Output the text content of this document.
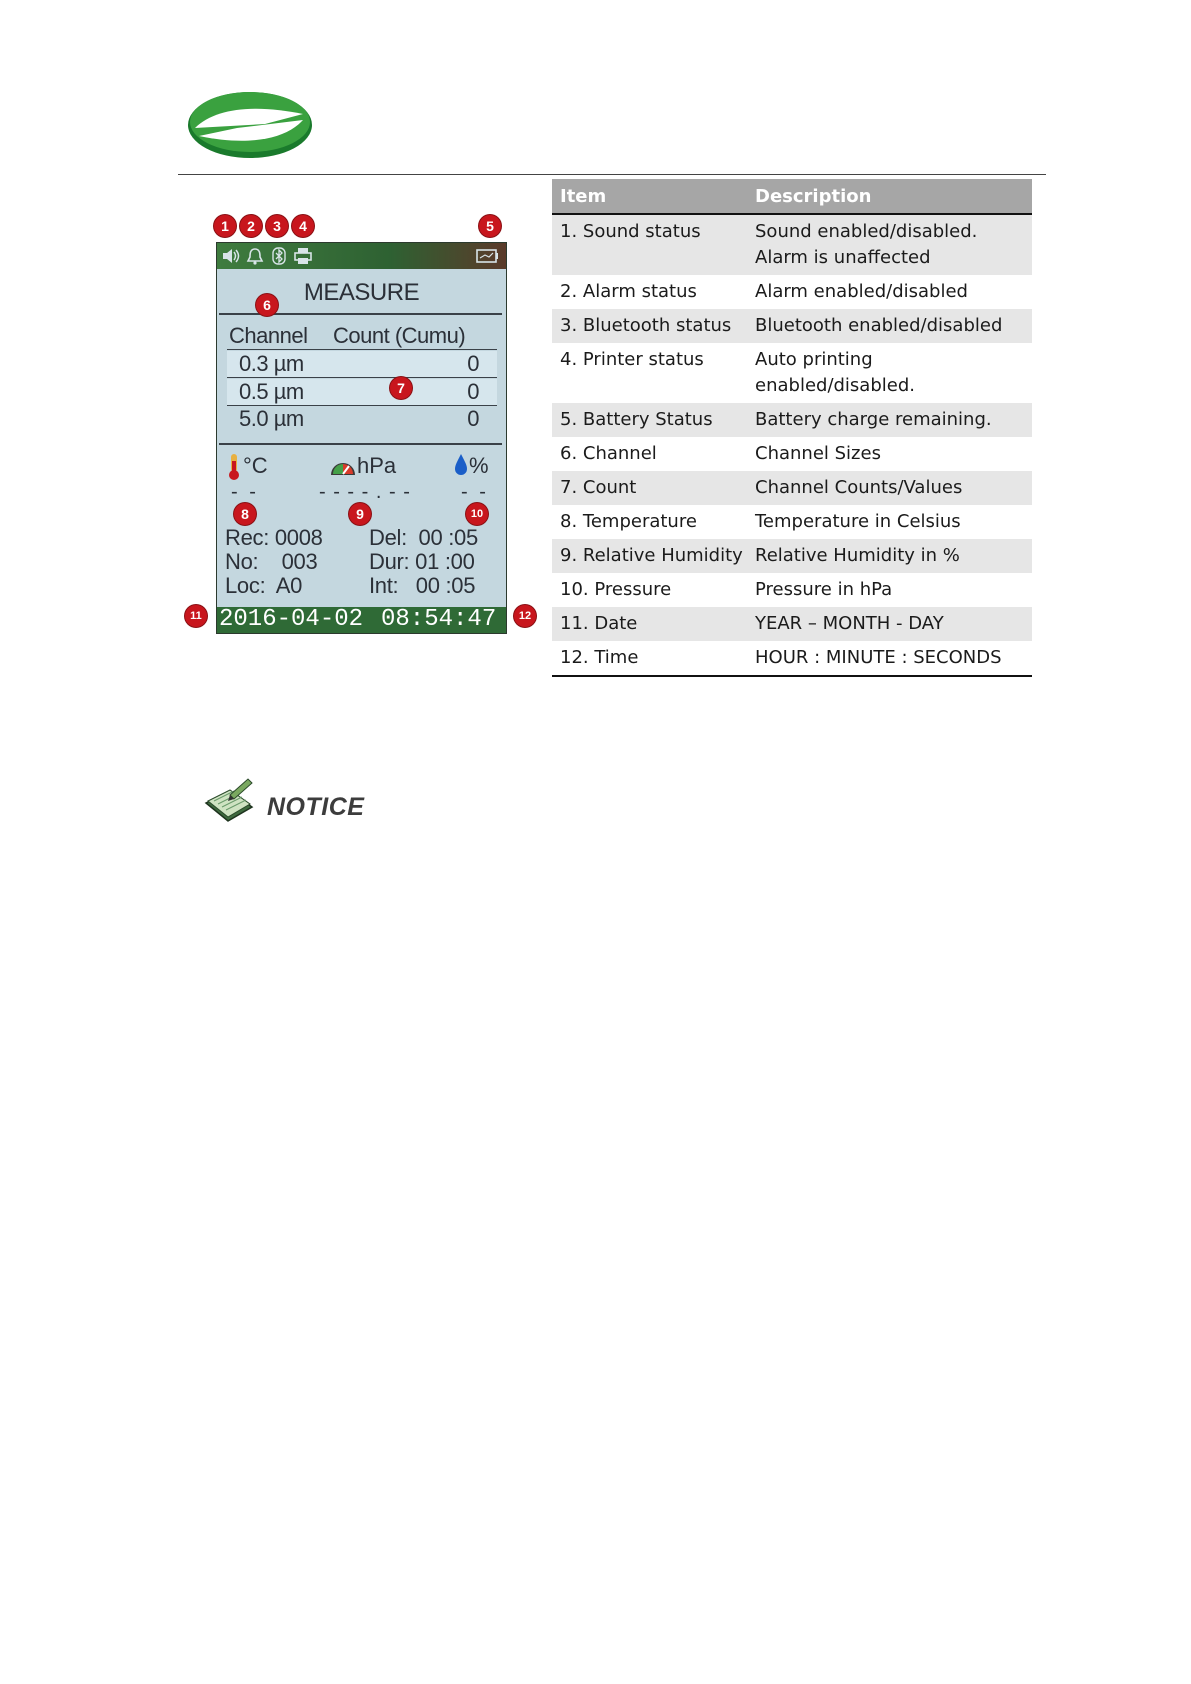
MEASURE
Channel Count (Cumu)
0.3 µm	0
0.5 µm	0
5.0 µm	0
°C	hPa	%
- -	- - - - . - -	- -
Rec: 0008
No:    003
Loc:  A0
Del:  00 :05
Dur: 01 :00
Int:   00 :05
2016-04-02 08:54:47
1	2	3	4	5
6
7
8	9	10
11	12
Item	Description
1. Sound status	Sound enabled/disabled.
Alarm is unaffected

2. Alarm status	Alarm enabled/disabled
3. Bluetooth status	Bluetooth enabled/disabled
4. Printer status	Auto printing
enabled/disabled.

5. Battery Status	Battery charge remaining.
6. Channel	Channel Sizes
7. Count	Channel Counts/Values
8. Temperature	Temperature in Celsius
9. Relative Humidity	Relative Humidity in %
10. Pressure	Pressure in hPa
11. Date	YEAR – MONTH - DAY
12. Time	HOUR : MINUTE : SECONDS
NOTICE
